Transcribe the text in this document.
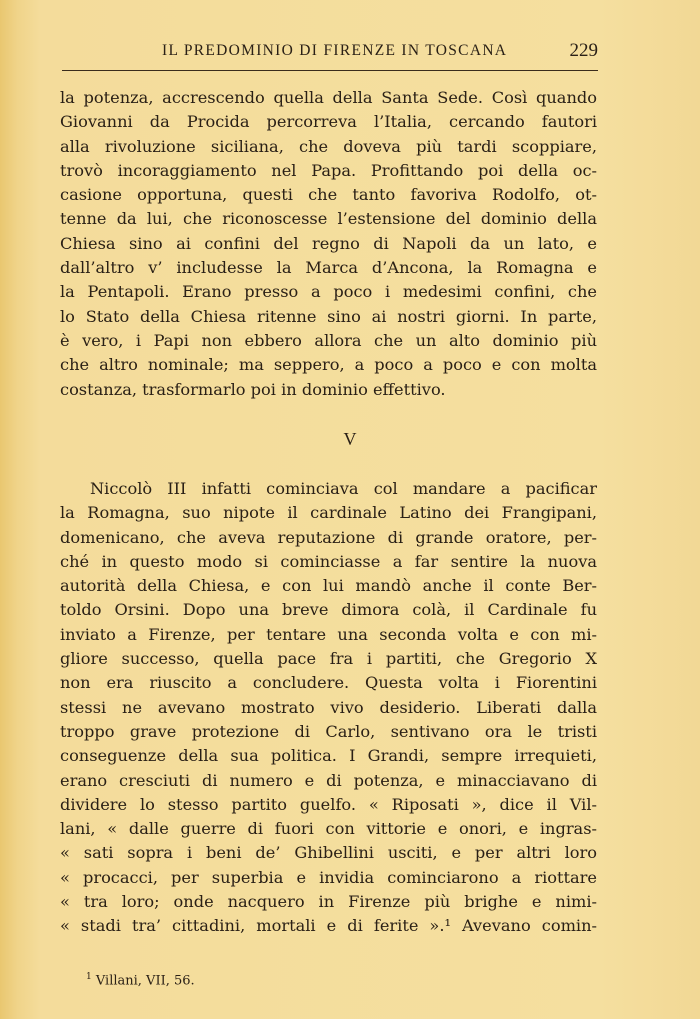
IL PREDOMINIO DI FIRENZE IN TOSCANA	229
la potenza, accrescendo quella della Santa Sede. Così quando
Giovanni da Procida percorreva l’Italia, cercando fautori
alla rivoluzione siciliana, che doveva più tardi scoppiare,
trovò incoraggiamento nel Papa. Profittando poi della oc-
casione opportuna, questi che tanto favoriva Rodolfo, ot-
tenne da lui, che riconoscesse l’estensione del dominio della
Chiesa sino ai confini del regno di Napoli da un lato, e
dall’altro v’ includesse la Marca d’Ancona, la Romagna e
la Pentapoli. Erano presso a poco i medesimi confini, che
lo Stato della Chiesa ritenne sino ai nostri giorni. In parte,
è vero, i Papi non ebbero allora che un alto dominio più
che altro nominale; ma seppero, a poco a poco e con molta
costanza, trasformarlo poi in dominio effettivo.
V
Niccolò III infatti cominciava col mandare a pacificar
la Romagna, suo nipote il cardinale Latino dei Frangipani,
domenicano, che aveva reputazione di grande oratore, per-
ché in questo modo si cominciasse a far sentire la nuova
autorità della Chiesa, e con lui mandò anche il conte Ber-
toldo Orsini. Dopo una breve dimora colà, il Cardinale fu
inviato a Firenze, per tentare una seconda volta e con mi-
gliore successo, quella pace fra i partiti, che Gregorio X
non era riuscito a concludere. Questa volta i Fiorentini
stessi ne avevano mostrato vivo desiderio. Liberati dalla
troppo grave protezione di Carlo, sentivano ora le tristi
conseguenze della sua politica. I Grandi, sempre irrequieti,
erano cresciuti di numero e di potenza, e minacciavano di
dividere lo stesso partito guelfo. « Riposati », dice il Vil-
lani, « dalle guerre di fuori con vittorie e onori, e ingras-
« sati sopra i beni de’ Ghibellini usciti, e per altri loro
« procacci, per superbia e invidia cominciarono a riottare
« tra loro; onde nacquero in Firenze più brighe e nimi-
« stadi tra’ cittadini, mortali e di ferite ».¹ Avevano comin-
$^1$ Villani, VII, 56.
